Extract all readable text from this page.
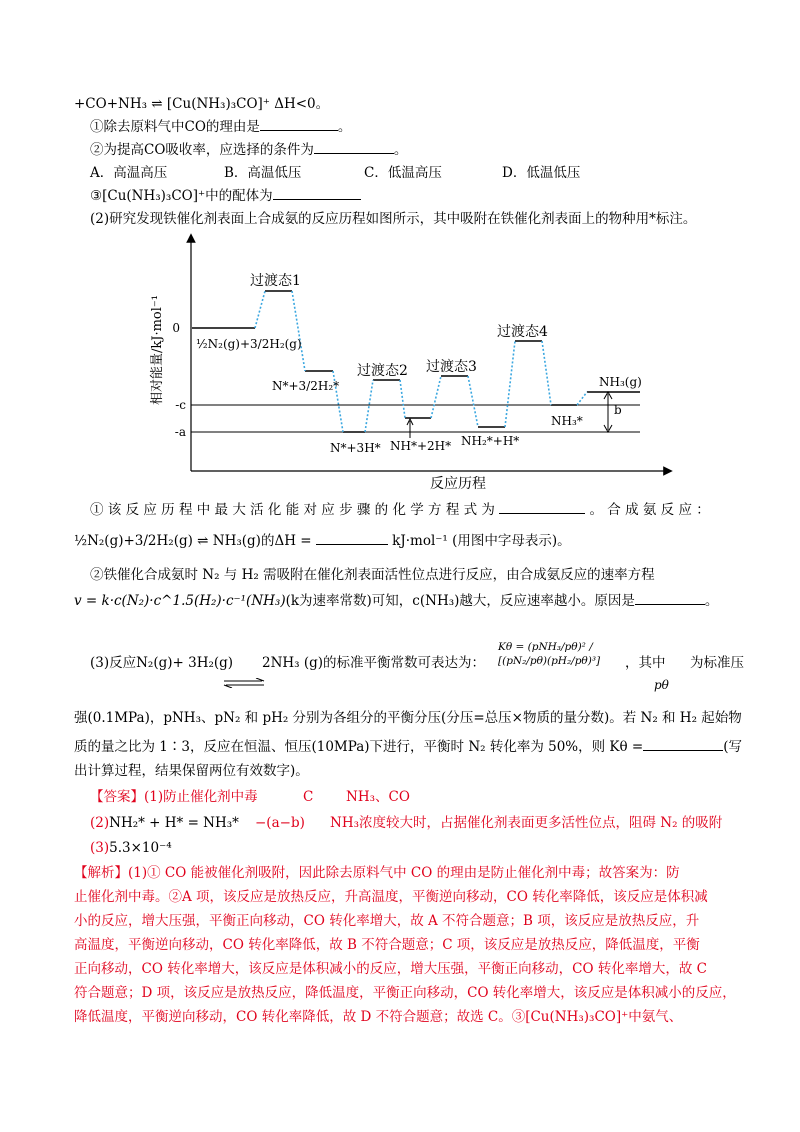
+CO+NH₃ ⇌ [Cu(NH₃)₃CO]⁺ ΔH<0。
①除去原料气中CO的理由是	。
②为提高CO吸收率，应选择的条件为	。
A．高温高压	B．高温低压	C．低温高压	D．低温低压
③[Cu(NH₃)₃CO]⁺中的配体为
(2)研究发现铁催化剂表面上合成氨的反应历程如图所示，其中吸附在铁催化剂表面上的物种用*标注。
0
-c
-a
相对能量/kJ·mol⁻¹
反应历程
b
过渡态1
过渡态2 过渡态3
过渡态4
½N₂(g)+3/2H₂(g)
N*+3/2H₂*
N*+3H* NH*+2H* NH₂*+H*
NH₃*
NH₃(g)
① 该 反 应 历 程 中 最 大 活 化 能 对 应 步 骤 的 化 学 方 程 式 为	。 合 成 氨 反 应 ：
½N₂(g)+3/2H₂(g) ⇌ NH₃(g)的ΔH =	kJ·mol⁻¹ (用图中字母表示)。
②铁催化合成氨时 N₂ 与 H₂ 需吸附在催化剂表面活性位点进行反应，由合成氨反应的速率方程
v = k·c(N₂)·c^1.5(H₂)·c⁻¹(NH₃)(k为速率常数)可知，c(NH₃)越大，反应速率越小。原因是	。
(3)反应N₂(g)+ 3H₂(g) 2NH₃ (g)的标准平衡常数可表达为：
Kθ = (pNH₃/pθ)² / [(pN₂/pθ)(pH₂/pθ)³]	，其中 为标准压
pθ
强(0.1MPa)，pNH₃、pN₂ 和 pH₂ 分别为各组分的平衡分压(分压=总压×物质的量分数)。若 N₂ 和 H₂ 起始物
质的量之比为 1∶3，反应在恒温、恒压(10MPa)下进行，平衡时 N₂ 转化率为 50%，则 Kθ =	(写
出计算过程，结果保留两位有效数字)。
【答案】(1)防止催化剂中毒	C NH₃、CO
(2)NH₂* + H* = NH₃* −(a−b) NH₃浓度较大时，占据催化剂表面更多活性位点，阻碍 N₂ 的吸附
(3)5.3×10⁻⁴
【解析】(1)① CO 能被催化剂吸附，因此除去原料气中 CO 的理由是防止催化剂中毒；故答案为：防
止催化剂中毒。②A 项，该反应是放热反应，升高温度，平衡逆向移动，CO 转化率降低，该反应是体积减
小的反应，增大压强，平衡正向移动，CO 转化率增大，故 A 不符合题意；B 项，该反应是放热反应，升
高温度，平衡逆向移动，CO 转化率降低，故 B 不符合题意；C 项，该反应是放热反应，降低温度，平衡
正向移动，CO 转化率增大，该反应是体积减小的反应，增大压强，平衡正向移动，CO 转化率增大，故 C
符合题意；D 项，该反应是放热反应，降低温度，平衡正向移动，CO 转化率增大，该反应是体积减小的反应，
降低温度，平衡逆向移动，CO 转化率降低，故 D 不符合题意；故选 C。③[Cu(NH₃)₃CO]⁺中氨气、
